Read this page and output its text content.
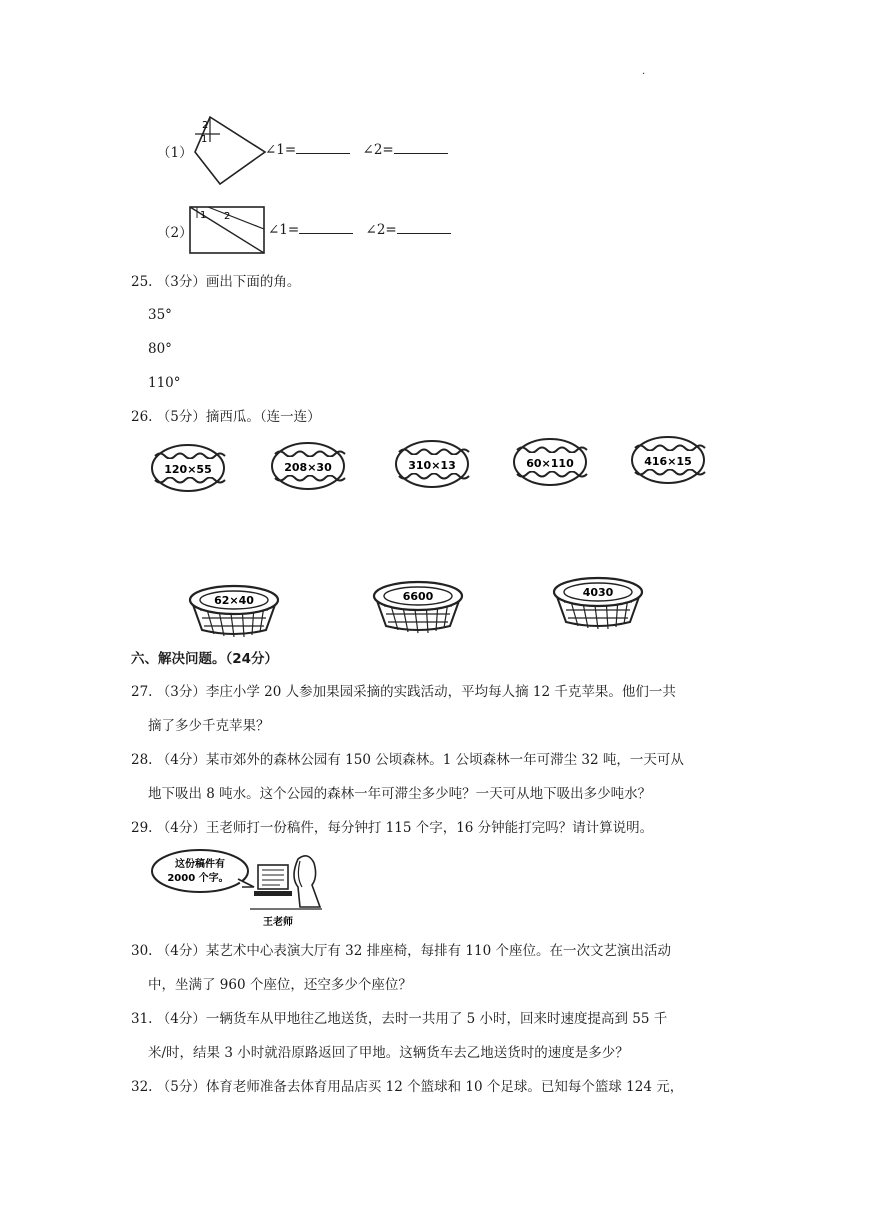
.
（1）
2
1
∠1=	∠2=
（2）
1 2
∠1=	∠2=
25. （3分）画出下面的角。
35°
80°
110°
26. （5分）摘西瓜。（连一连）
120×55	208×30	310×13	60×110	416×15
62×40	6600	4030
六、解决问题。（24分）
27. （3分）李庄小学 20 人参加果园采摘的实践活动，平均每人摘 12 千克苹果。他们一共
摘了多少千克苹果？
28. （4分）某市郊外的森林公园有 150 公顷森林。1 公顷森林一年可滞尘 32 吨，一天可从
地下吸出 8 吨水。这个公园的森林一年可滞尘多少吨？一天可从地下吸出多少吨水？
29. （4分）王老师打一份稿件，每分钟打 115 个字，16 分钟能打完吗？请计算说明。
这份稿件有
2000 个字。
王老师
30. （4分）某艺术中心表演大厅有 32 排座椅，每排有 110 个座位。在一次文艺演出活动
中，坐满了 960 个座位，还空多少个座位？
31. （4分）一辆货车从甲地往乙地送货，去时一共用了 5 小时，回来时速度提高到 55 千
米/时，结果 3 小时就沿原路返回了甲地。这辆货车去乙地送货时的速度是多少？
32. （5分）体育老师准备去体育用品店买 12 个篮球和 10 个足球。已知每个篮球 124 元，
